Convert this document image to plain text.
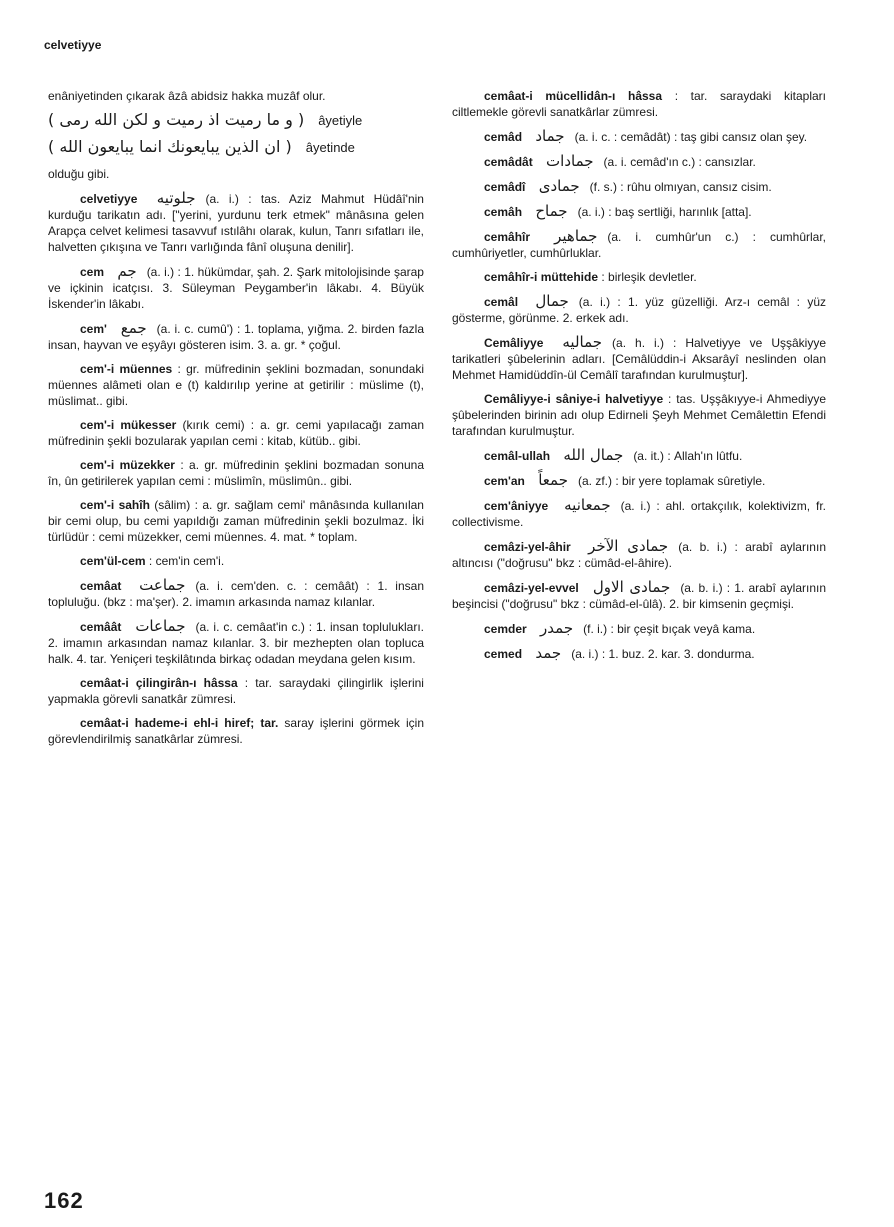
celvetiyye
enâniyetinden çıkarak âzâ abidsiz hakka muzâf olur.
( و ما رميت اذ رميت و لكن الله رمى ) âyetiyle
( ان الذين يبايعونك انما يبايعون الله ) âyetinde
olduğu gibi.
celvetiyye جلوتيه (a. i.) : tas. Aziz Mahmut Hüdâî'nin kurduğu tarikatın adı. ["yerini, yurdunu terk etmek" mânâsına gelen Arapça celvet kelimesi tasavvuf ıstılâhı olarak, kulun, Tanrı sıfatları ile, halvetten çıkışına ve Tanrı varlığında fânî oluşuna denilir].
cem جم (a. i.) : 1. hükümdar, şah. 2. Şark mitolojisinde şarap ve içkinin icatçısı. 3. Süleyman Peygamber'in lâkabı. 4. Büyük İskender'in lâkabı.
cem' جمع (a. i. c. cumû') : 1. toplama, yığma. 2. birden fazla insan, hayvan ve eşyâyı gösteren isim. 3. a. gr. * çoğul.
cem'-i müennes : gr. müfredinin şeklini bozmadan, sonundaki müennes alâmeti olan e (t) kaldırılıp yerine at getirilir : müslime (t), müslimat.. gibi.
cem'-i mükesser (kırık cemi) : a. gr. cemi yapılacağı zaman müfredinin şekli bozularak yapılan cemi : kitab, kütüb.. gibi.
cem'-i müzekker : a. gr. müfredinin şeklini bozmadan sonuna în, ûn getirilerek yapılan cemi : müslimîn, müslimûn.. gibi.
cem'-i sahîh (sâlim) : a. gr. sağlam cemi' mânâsında kullanılan bir cemi olup, bu cemi yapıldığı zaman müfredinin şekli bozulmaz. İki türlüdür : cemi müzekker, cemi müennes. 4. mat. * toplam.
cem'ül-cem : cem'in cem'i.
cemâat جماعت (a. i. cem'den. c. : cemâât) : 1. insan topluluğu. (bkz : ma'şer). 2. imamın arkasında namaz kılanlar.
cemâât جماعات (a. i. c. cemâat'in c.) : 1. insan toplulukları. 2. imamın arkasından namaz kılanlar. 3. bir mezhepten olan topluca halk. 4. tar. Yeniçeri teşkilâtında birkaç odadan meydana gelen kısım.
cemâat-i çilingirân-ı hâssa : tar. saraydaki çilingirlik işlerini yapmakla görevli sanatkâr zümresi.
cemâat-i hademe-i ehl-i hiref; tar. saray işlerini görmek için görevlendirilmiş sanatkârlar zümresi.
cemâat-i mücellidân-ı hâssa : tar. saraydaki kitapları ciltlemekle görevli sanatkârlar zümresi.
cemâd جماد (a. i. c. : cemâdât) : taş gibi cansız olan şey.
cemâdât جمادات (a. i. cemâd'ın c.) : cansızlar.
cemâdî جمادى (f. s.) : rûhu olmıyan, cansız cisim.
cemâh جماح (a. i.) : baş sertliği, harınlık [atta].
cemâhîr جماهير (a. i. cumhûr'un c.) : cumhûrlar, cumhûriyetler, cumhûrluklar.
cemâhîr-i müttehide : birleşik devletler.
cemâl جمال (a. i.) : 1. yüz güzelliği. Arz-ı cemâl : yüz gösterme, görünme. 2. erkek adı.
Cemâliyye جماليه (a. h. i.) : Halvetiyye ve Uşşâkiyye tarikatleri şûbelerinin adları. [Cemâlüddin-i Aksarâyî neslinden olan Mehmet Hamidüddîn-ül Cemâlî tarafından kurulmuştur].
Cemâliyye-i sâniye-i halvetiyye : tas. Uşşâkıyye-i Ahmediyye şûbelerinden birinin adı olup Edirneli Şeyh Mehmet Cemâlettin Efendi tarafından kurulmuştur.
cemâl-ullah جمال الله (a. it.) : Allah'ın lûtfu.
cem'an جمعاً (a. zf.) : bir yere toplamak sûretiyle.
cem'âniyye جمعانيه (a. i.) : ahl. ortakçılık, kolektivizm, fr. collectivisme.
cemâzi-yel-âhir جمادى الآخر (a. b. i.) : arabî aylarının altıncısı ("doğrusu" bkz : cümâd-el-âhire).
cemâzi-yel-evvel جمادى الاول (a. b. i.) : 1. arabî aylarının beşincisi ("doğrusu" bkz : cümâd-el-ûlâ). 2. bir kimsenin geçmişi.
cemder جمدر (f. i.) : bir çeşit bıçak veyâ kama.
cemed جمد (a. i.) : 1. buz. 2. kar. 3. dondurma.
162
